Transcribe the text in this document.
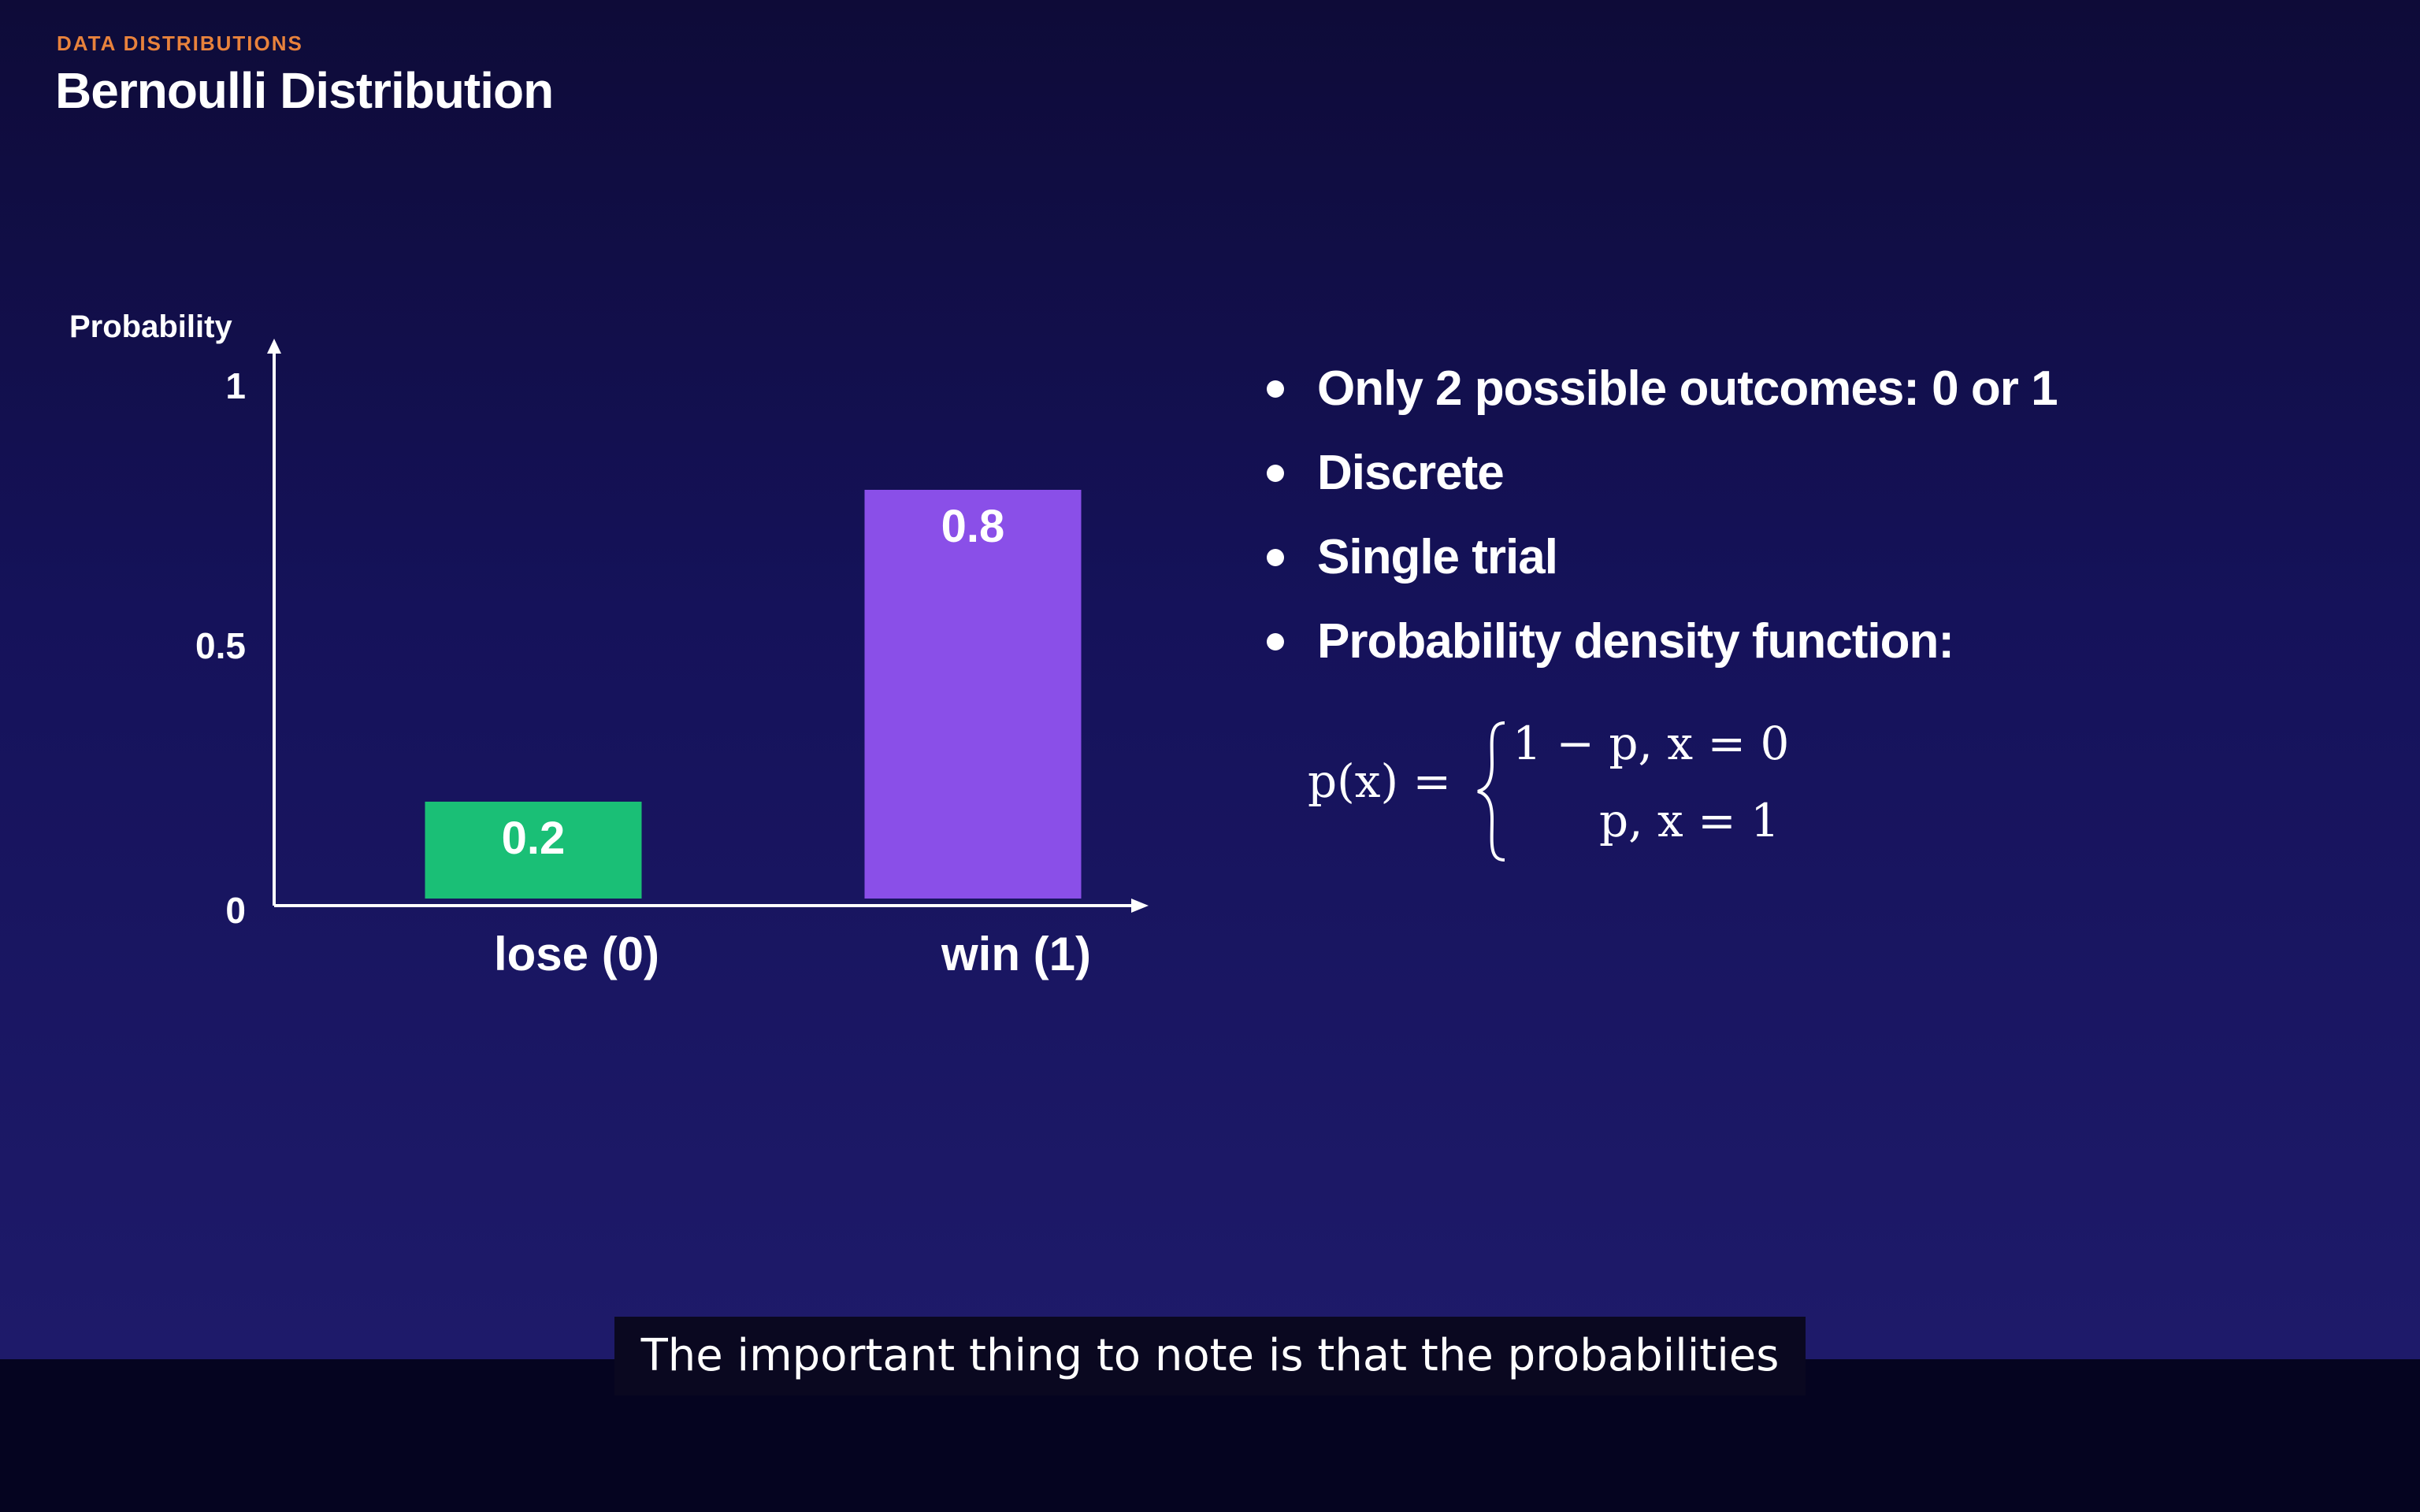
DATA DISTRIBUTIONS
Bernoulli Distribution
Probability
0
0.5
1
0.2
lose (0)
0.8
win (1)
Only 2 possible outcomes: 0 or 1
Discrete
Single trial
Probability density function:
p(x) =
1 − p, x = 0
p, x = 1
The important thing to note is that the probabilities
